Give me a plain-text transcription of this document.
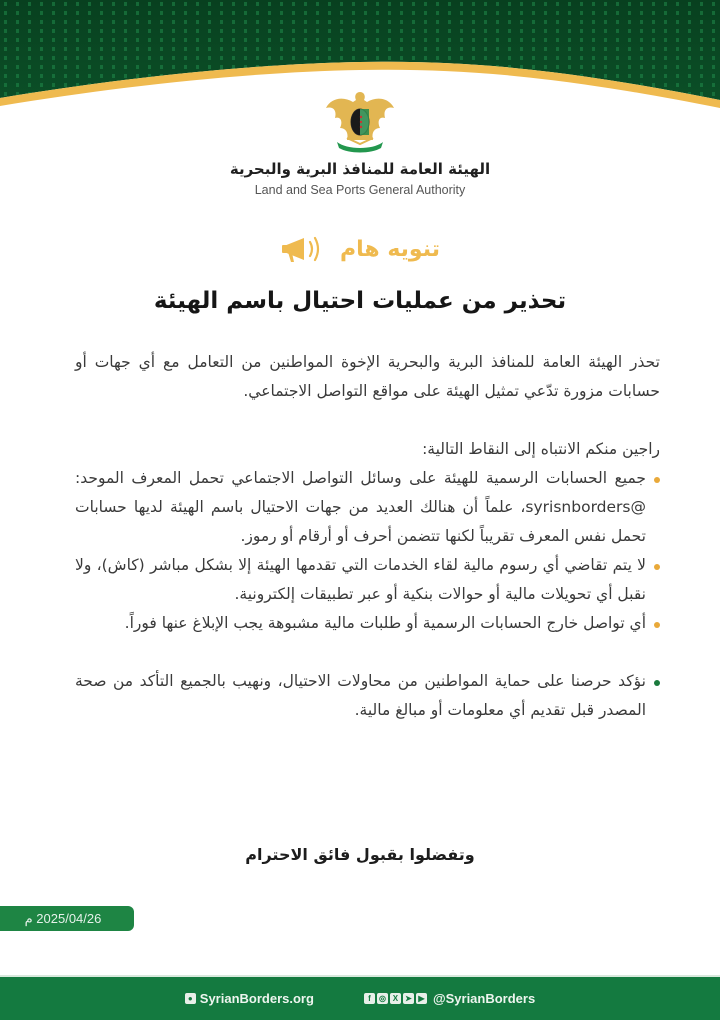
الهيئة العامة للمنافذ البرية والبحرية
Land and Sea Ports General Authority
تنويه هام
تحذير من عمليات احتيال باسم الهيئة

تحذر الهيئة العامة للمنافذ البرية والبحرية الإخوة المواطنين من التعامل مع أي جهات أو حسابات مزورة تدّعي تمثيل الهيئة على مواقع التواصل الاجتماعي.

راجين منكم الانتباه إلى النقاط التالية:

جميع الحسابات الرسمية للهيئة على وسائل التواصل الاجتماعي تحمل المعرف الموحد: @syrisnborders، علماً أن هنالك العديد من جهات الاحتيال باسم الهيئة لديها حسابات تحمل نفس المعرف تقريباً لكنها تتضمن أحرف أو أرقام أو رموز.
لا يتم تقاضي أي رسوم مالية لقاء الخدمات التي تقدمها الهيئة إلا بشكل مباشر (كاش)، ولا نقبل أي تحويلات مالية أو حوالات بنكية أو عبر تطبيقات إلكترونية.
أي تواصل خارج الحسابات الرسمية أو طلبات مالية مشبوهة يجب الإبلاغ عنها فوراً.
نؤكد حرصنا على حماية المواطنين من محاولات الاحتيال، ونهيب بالجميع التأكد من صحة المصدر قبل تقديم أي معلومات أو مبالغ مالية.
وتفضلوا بقبول فائق الاحترام
2025/04/26 م
● SyrianBorders.org	f	◎ X ➤ ▶ @SyrianBorders
